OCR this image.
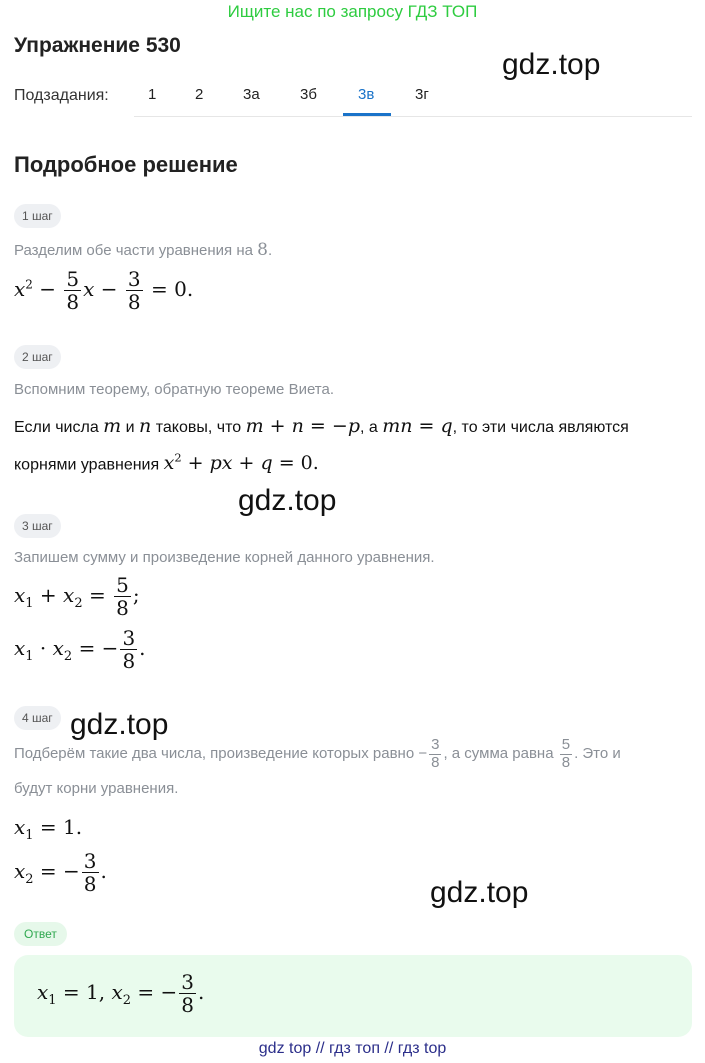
Ищите нас по запросу ГДЗ ТОП
Упражнение 530
gdz.top
Подзадания:	1	2	3а	3б	3в	3г
Подробное решение
1 шаг
Разделим обе части уравнения на 8.
$x^2 - \frac{5}{8}$ $x - \frac{3}{8} = 0$.
2 шаг
Вспомним теорему, обратную теореме Виета.
Если числа m и n таковы, что m + n = −p, а mn = q, то эти числа являются
корнями уравнения $x^2$ + px + q = 0.
gdz.top
3 шаг
Запишем сумму и произведение корней данного уравнения.
$x_1 + x_2 = \frac{5}{8}$ ;
$x_1 \cdot x_2$ = − $\frac{3}{8}$ .
4 шаг gdz.top
Подберём такие два числа, произведение которых равно − $\frac{3}{8}$ , а сумма равна $\frac{5}{8}$ . Это и
будут корни уравнения.
$x_1 = 1$.
$x_2$ = − $\frac{3}{8}$ .
gdz.top
Ответ
$x_1 = 1$, $x_2$ = − $\frac{3}{8}$ .
gdz top // гдз топ // гдз top
